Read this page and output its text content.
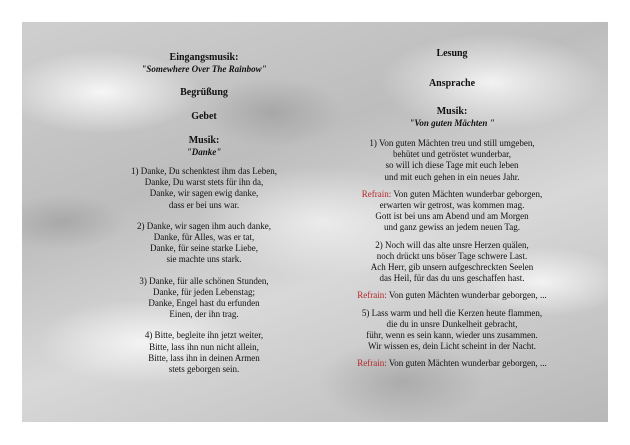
Eingangsmusik:
"Somewhere Over The Rainbow"
Begrüßung
Gebet
Musik:
"Danke"
1) Danke, Du schenktest ihm das Leben,
Danke, Du warst stets für ihn da,
Danke, wir sagen ewig danke,
dass er bei uns war.
2) Danke, wir sagen ihm auch danke,
Danke, für Alles, was er tat,
Danke, für seine starke Liebe,
sie machte uns stark.
3) Danke, für alle schönen Stunden,
Danke, für jeden Lebenstag;
Danke, Engel hast du erfunden
Einen, der ihn trag.
4) Bitte, begleite ihn jetzt weiter,
Bitte, lass ihn nun nicht allein,
Bitte, lass ihn in deinen Armen
stets geborgen sein.
Lesung
Ansprache
Musik:
"Von guten Mächten "
1) Von guten Mächten treu und still umgeben,
behütet und getröstet wunderbar,
so will ich diese Tage mit euch leben
und mit euch gehen in ein neues Jahr.
Refrain: Von guten Mächten wunderbar geborgen,
erwarten wir getrost, was kommen mag.
Gott ist bei uns am Abend und am Morgen
und ganz gewiss an jedem neuen Tag.
2) Noch will das alte unsre Herzen quälen,
noch drückt uns böser Tage schwere Last.
Ach Herr, gib unsern aufgeschreckten Seelen
das Heil, für das du uns geschaffen hast.
Refrain: Von guten Mächten wunderbar geborgen, ...
5) Lass warm und hell die Kerzen heute flammen,
die du in unsre Dunkelheit gebracht,
führ, wenn es sein kann, wieder uns zusammen.
Wir wissen es, dein Licht scheint in der Nacht.
Refrain: Von guten Mächten wunderbar geborgen, ...
